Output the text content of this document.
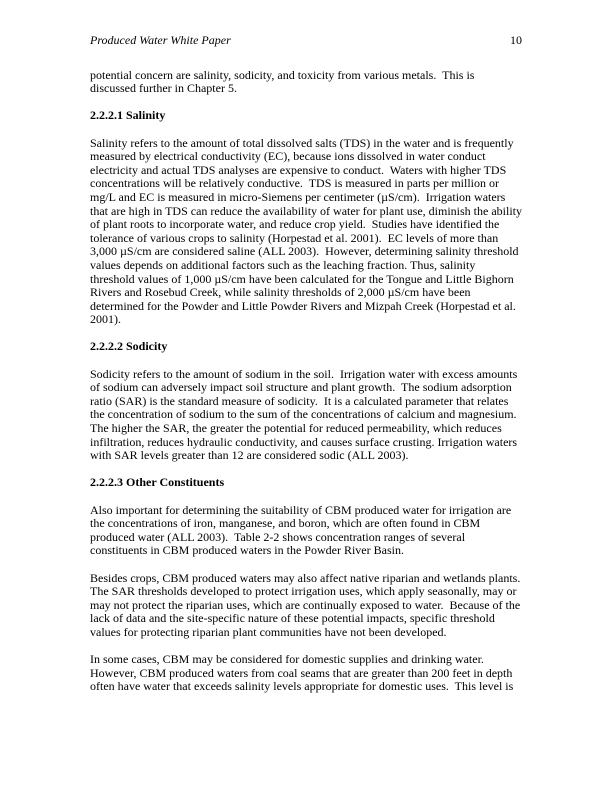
Produced Water White Paper	10

potential concern are salinity, sodicity, and toxicity from various metals.  This is discussed further in Chapter 5.

2.2.2.1 Salinity

Salinity refers to the amount of total dissolved salts (TDS) in the water and is frequently measured by electrical conductivity (EC), because ions dissolved in water conduct electricity and actual TDS analyses are expensive to conduct.  Waters with higher TDS concentrations will be relatively conductive.  TDS is measured in parts per million or mg/L and EC is measured in micro-Siemens per centimeter (µS/cm).  Irrigation waters that are high in TDS can reduce the availability of water for plant use, diminish the ability of plant roots to incorporate water, and reduce crop yield.  Studies have identified the tolerance of various crops to salinity (Horpestad et al. 2001).  EC levels of more than 3,000 µS/cm are considered saline (ALL 2003).  However, determining salinity threshold values depends on additional factors such as the leaching fraction. Thus, salinity threshold values of 1,000 µS/cm have been calculated for the Tongue and Little Bighorn Rivers and Rosebud Creek, while salinity thresholds of 2,000 µS/cm have been determined for the Powder and Little Powder Rivers and Mizpah Creek (Horpestad et al. 2001).

2.2.2.2 Sodicity

Sodicity refers to the amount of sodium in the soil.  Irrigation water with excess amounts of sodium can adversely impact soil structure and plant growth.  The sodium adsorption ratio (SAR) is the standard measure of sodicity.  It is a calculated parameter that relates the concentration of sodium to the sum of the concentrations of calcium and magnesium. The higher the SAR, the greater the potential for reduced permeability, which reduces infiltration, reduces hydraulic conductivity, and causes surface crusting. Irrigation waters with SAR levels greater than 12 are considered sodic (ALL 2003).

2.2.2.3 Other Constituents

Also important for determining the suitability of CBM produced water for irrigation are the concentrations of iron, manganese, and boron, which are often found in CBM produced water (ALL 2003).  Table 2-2 shows concentration ranges of several constituents in CBM produced waters in the Powder River Basin.

Besides crops, CBM produced waters may also affect native riparian and wetlands plants. The SAR thresholds developed to protect irrigation uses, which apply seasonally, may or may not protect the riparian uses, which are continually exposed to water.  Because of the lack of data and the site-specific nature of these potential impacts, specific threshold values for protecting riparian plant communities have not been developed.

In some cases, CBM may be considered for domestic supplies and drinking water. However, CBM produced waters from coal seams that are greater than 200 feet in depth often have water that exceeds salinity levels appropriate for domestic uses.  This level is
